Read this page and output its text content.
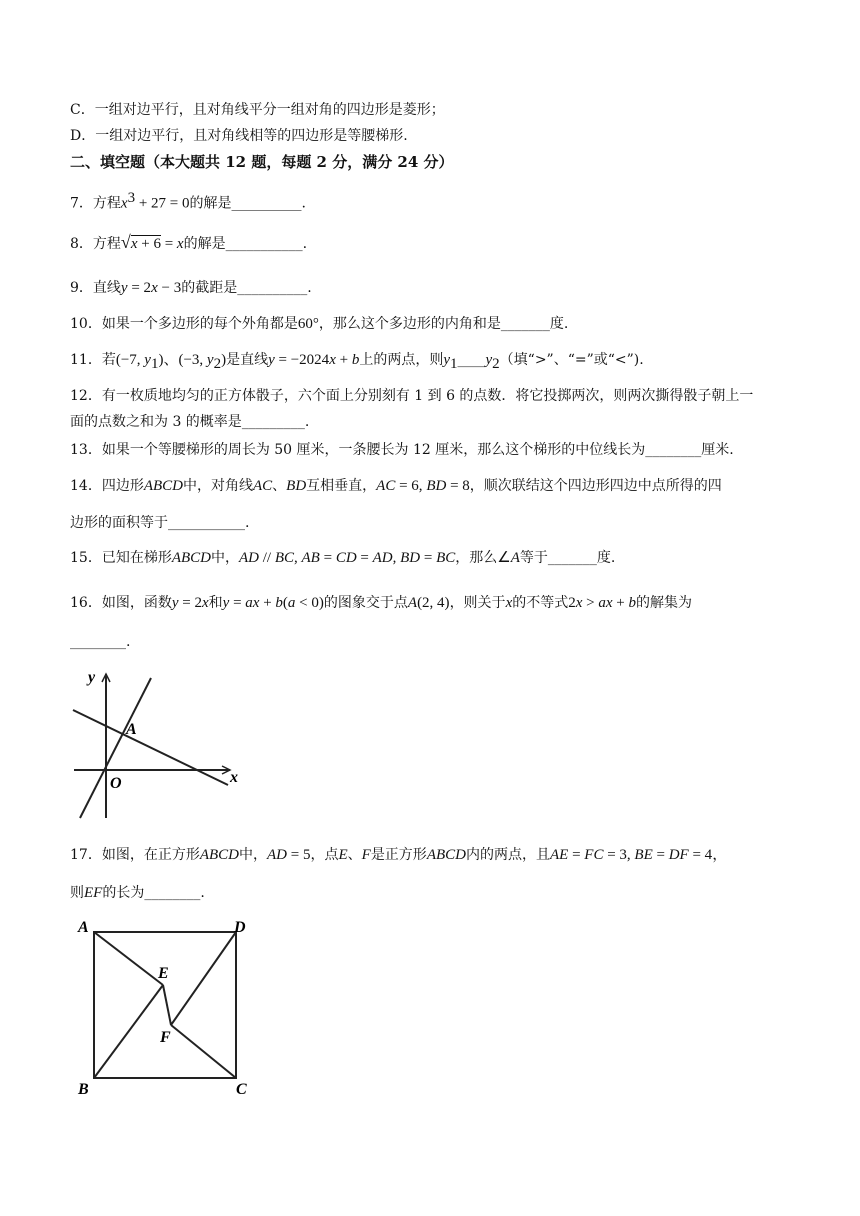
C．一组对边平行，且对角线平分一组对角的四边形是菱形；
D．一组对边平行，且对角线相等的四边形是等腰梯形.
二、填空题（本大题共 12 题，每题 2 分，满分 24 分）
7．方程$x^3 + 27 = 0$的解是__________.
8．方程√x + 6 = x的解是___________.
9．直线y = 2x − 3的截距是__________.
10．如果一个多边形的每个外角都是60°，那么这个多边形的内角和是_______度.
11．若(−7, $y_1$)、(−3, $y_2$)是直线y = −2024x + b上的两点，则$y_1\_\_\_\_y_2$（填“>”、“=”或“<”).
12．有一枚质地均匀的正方体骰子，六个面上分别刻有 1 到 6 的点数．将它投掷两次，则两次撕得骰子朝上一
面的点数之和为 3 的概率是_________.
13．如果一个等腰梯形的周长为 50 厘米，一条腰长为 12 厘米，那么这个梯形的中位线长为________厘米.
14．四边形ABCD中，对角线AC、BD互相垂直，AC = 6, BD = 8，顺次联结这个四边形四边中点所得的四
边形的面积等于___________.
15．已知在梯形ABCD中，AD // BC, AB = CD = AD, BD = BC，那么∠A等于_______度.
16．如图，函数y = 2x和y = ax + b(a < 0)的图象交于点A(2, 4)，则关于x的不等式2x > ax + b的解集为
________.
y
A
O	x
17．如图，在正方形ABCD中，AD = 5，点E、F是正方形ABCD内的两点，且AE = FC = 3, BE = DF = 4，
则EF的长为________.
A	D
E
F
B	C
